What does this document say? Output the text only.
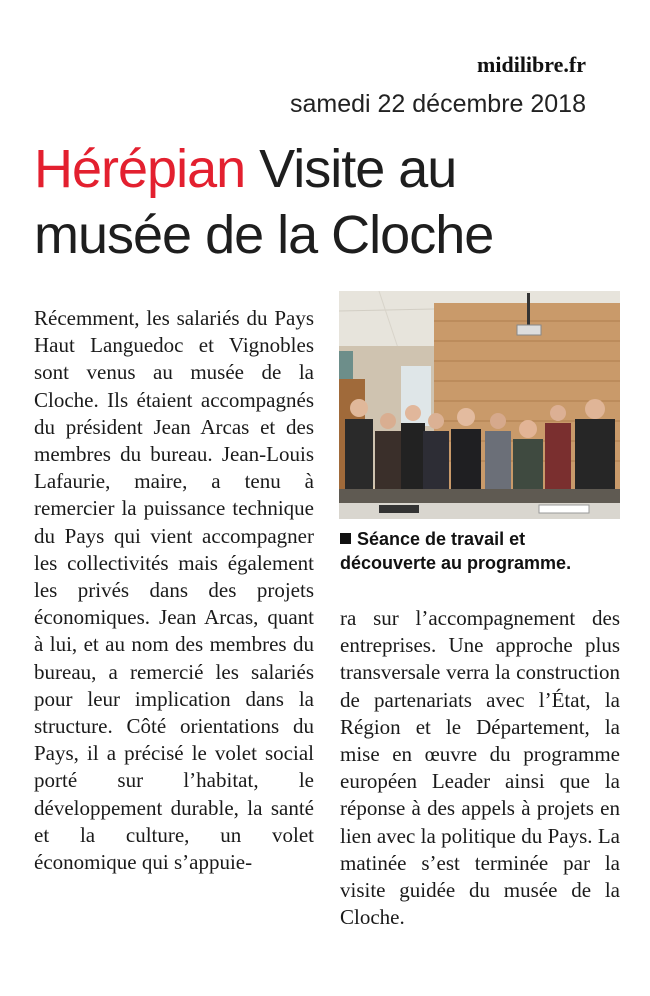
midilibre.fr
samedi 22 décembre 2018
Hérépian Visite au musée de la Cloche

Récemment, les salariés du Pays Haut Languedoc et Vignobles sont venus au musée de la Cloche. Ils étaient accompagnés du président Jean Arcas et des membres du bureau. Jean-Louis Lafaurie, maire, a tenu à remercier la puissance technique du Pays qui vient accompagner les collectivités mais également les privés dans des projets économiques. Jean Arcas, quant à lui, et au nom des membres du bureau, a remercié les salariés pour leur implication dans la structure. Côté orientations du Pays, il a précisé le volet social porté sur l’habitat, le développement durable, la santé et la culture, un volet économique qui s’appuie-

Séance de travail et découverte au programme.

ra sur l’accompagnement des entreprises. Une approche plus transversale verra la construction de partenariats avec l’État, la Région et le Département, la mise en œuvre du programme européen Leader ainsi que la réponse à des appels à projets en lien avec la politique du Pays. La matinée s’est terminée par la visite guidée du musée de la Cloche.
